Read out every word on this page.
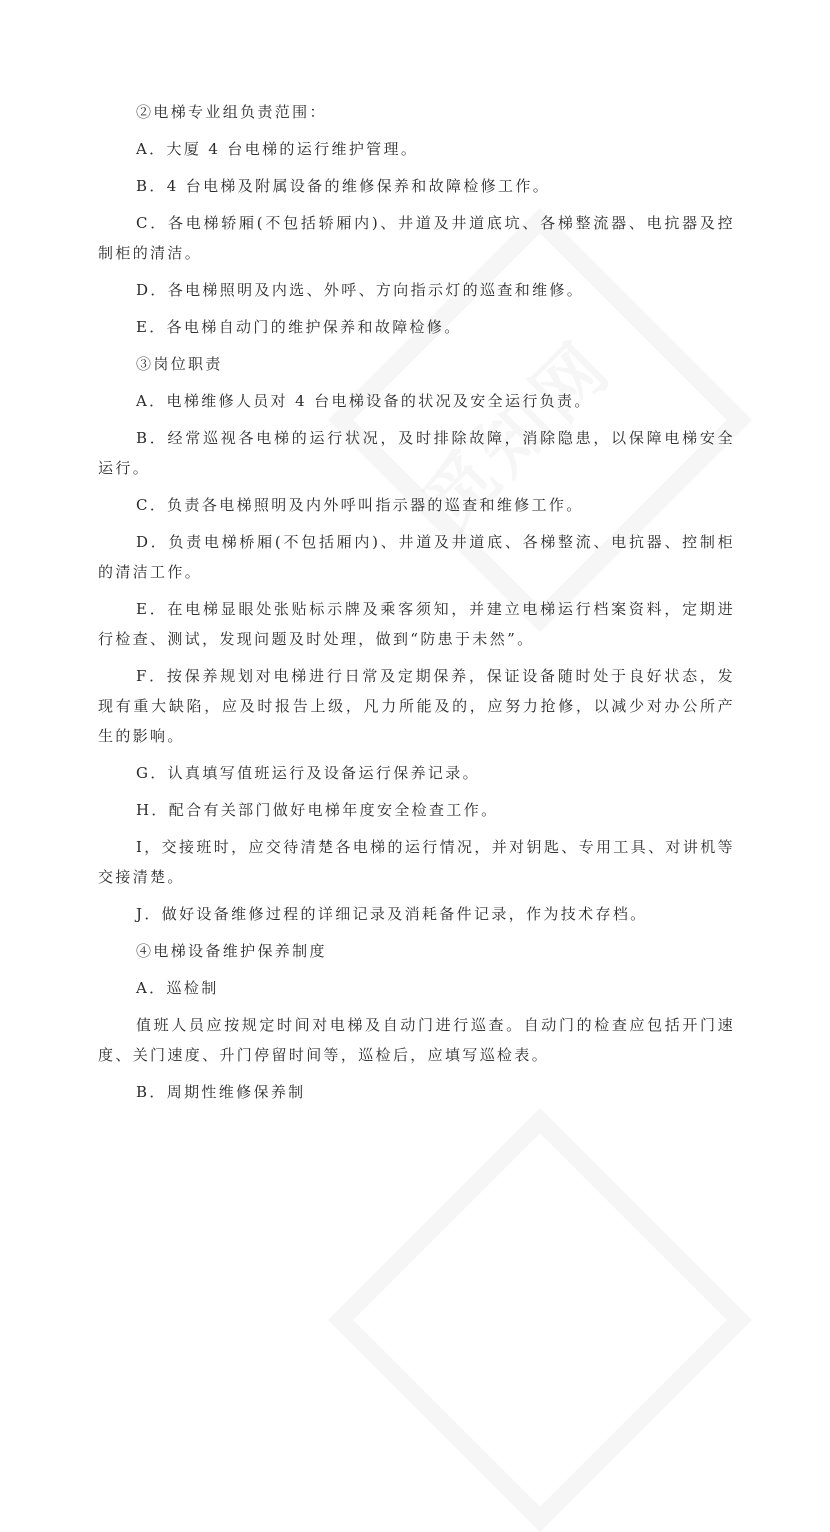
②电梯专业组负责范围：

A．大厦 4 台电梯的运行维护管理。

B．4 台电梯及附属设备的维修保养和故障检修工作。

C．各电梯轿厢(不包括轿厢内)、井道及井道底坑、各梯整流器、电抗器及控制柜的清洁。

D．各电梯照明及内选、外呼、方向指示灯的巡查和维修。

E．各电梯自动门的维护保养和故障检修。

③岗位职责

A．电梯维修人员对 4 台电梯设备的状况及安全运行负责。

B．经常巡视各电梯的运行状况，及时排除故障，消除隐患，以保障电梯安全运行。

C．负责各电梯照明及内外呼叫指示器的巡查和维修工作。

D．负责电梯桥厢(不包括厢内)、井道及井道底、各梯整流、电抗器、控制柜的清洁工作。

E．在电梯显眼处张贴标示牌及乘客须知，并建立电梯运行档案资料，定期进行检查、测试，发现问题及时处理，做到“防患于未然”。

F．按保养规划对电梯进行日常及定期保养，保证设备随时处于良好状态，发现有重大缺陷，应及时报告上级，凡力所能及的，应努力抢修，以减少对办公所产生的影响。

G．认真填写值班运行及设备运行保养记录。

H．配合有关部门做好电梯年度安全检查工作。

I，交接班时，应交待清楚各电梯的运行情况，并对钥匙、专用工具、对讲机等交接清楚。

J．做好设备维修过程的详细记录及消耗备件记录，作为技术存档。

④电梯设备维护保养制度

A．巡检制

值班人员应按规定时间对电梯及自动门进行巡查。自动门的检查应包括开门速度、关门速度、升门停留时间等，巡检后，应填写巡检表。

B．周期性维修保养制
